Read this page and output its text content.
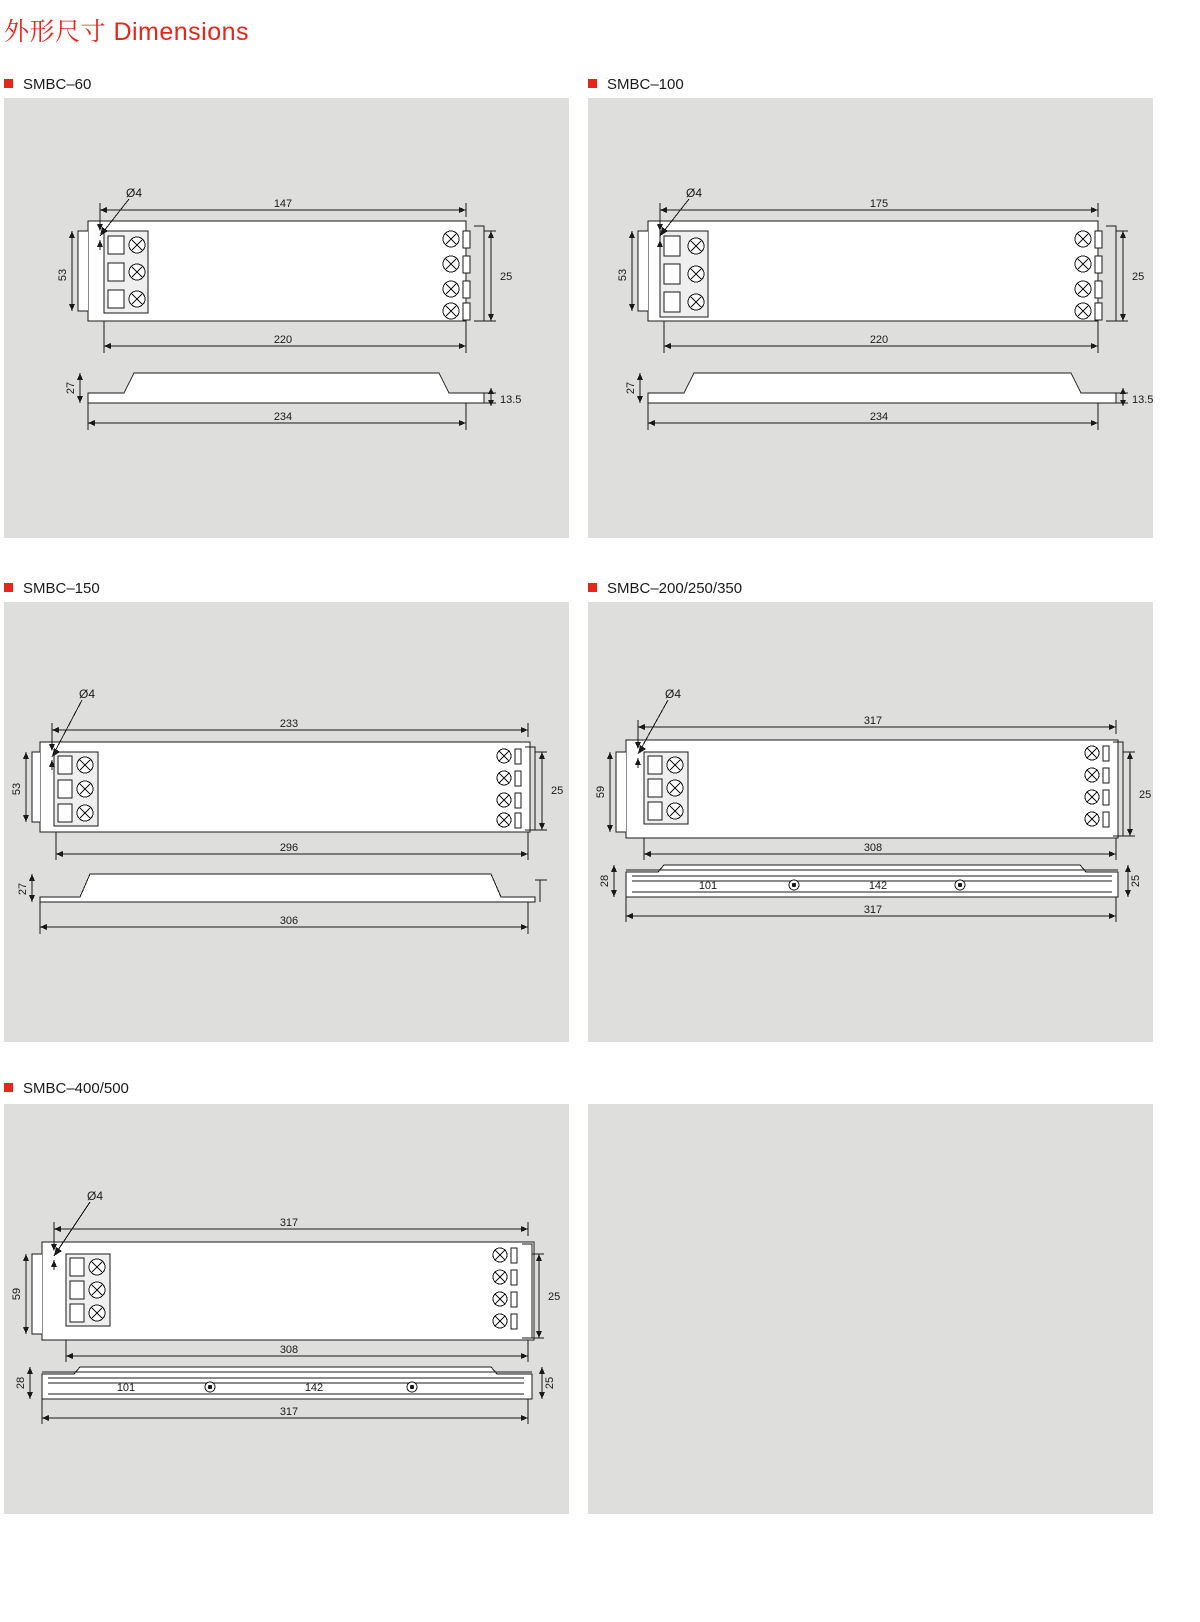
外形尺寸 Dimensions
SMBC–60
147
53
220
25
234
27
13.5
Ø4
SMBC–100
175
53
220
25
234
27
13.5
Ø4
SMBC–150
233
53
296
25
306
27
Ø4
SMBC–200/250/350
317
59
308
25
28	25
101	142
317
Ø4
SMBC–400/500
317
59
308
25
28	25
101	142
317
Ø4
